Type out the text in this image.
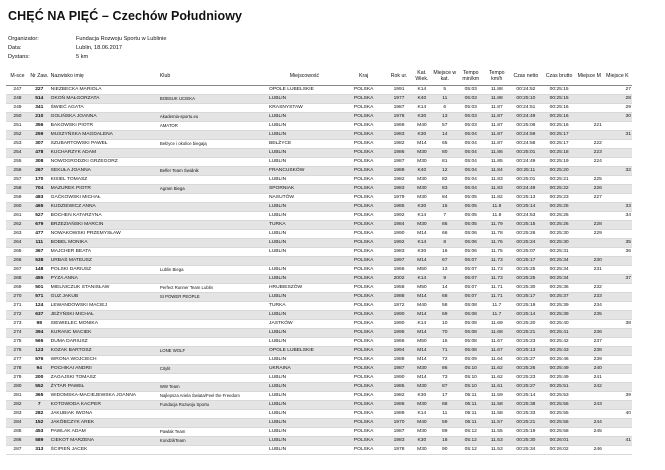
CHĘĆ NA PIĘĆ – Czechów Południowy
Organizator:	Fundacja Rozwoju Sportu w Lublinie
Data:	Lublin, 18.06.2017
Dystans:	5 km
M-sce	Nr Zaw.	Nazwisko imię	Klub	Miejscowość	Kraj	Rok ur.	Kat. Wiek.	Miejsce w kat.	Tempo min/km	Tempo km/h	Czas netto	Czas brutto	Miejsce M	Miejsce K
247	227	NIEZBECKA MARIOLA		OPOLE LUBELSKIE	POLSKA	1991	K14	5	05:03	11.88	00:24:52	00:25:15		27
248	514	OKOŃ MAŁGORZATA	BOBSUK UCIEKA	LUBLIN	POLSKA	1977	K40	11	05:03	11.88	00:25:10	00:25:15		28
249	341	ŚWIEĆ AGATA		KRASNYSTAW	POLSKA	1987	K14	6	05:03	11.87	00:24:51	00:25:16		29
250	210	GOLIŃSKA JOANNA	Akademia-sportu.eu	LUBLIN	POLSKA	1978	K30	13	05:03	11.87	00:24:49	00:25:16		30
251	356	BAKOWSKI PIOTR	AMATOR	LUBLIN	POLSKA	1969	M40	57	05:03	11.87	00:25:06	00:25:16	221	
252	259	MUSZYŃSKA MAGDALENA		LUBLIN	POLSKA	1983	K30	14	05:04	11.87	00:24:59	00:25:17		31
253	307	SZUBARTOWSKI PAWEŁ	Bełżyce i okolice biegają	BEŁŻYCE	POLSKA	1982	M14	65	05:04	11.87	00:24:58	00:25:17	222	
254	478	KUCHARZYK ADAM		LUBLIN	POLSKA	1986	M30	80	05:04	11.86	00:25:01	00:25:18	223	
255	308	NOWOGRODZKI GRZEGORZ		LUBLIN	POLSKA	1987	M30	81	05:04	11.85	00:24:49	00:25:19	224	
256	267	SEKUŁA JOANNA	Belfer Team Świdnik	FRANCUSKÓW	POLSKA	1989	K40	12	05:04	11.84	00:25:11	00:25:20		32
257	170	KISIEL TOMASZ		LUBLIN	POLSKA	1982	M30	82	05:04	11.83	00:25:01	00:25:21	225	
258	704	MAZUREK PIOTR	Agram Biega	SPORNIAK	POLSKA	1983	M30	83	05:04	11.83	00:24:49	00:25:22	226	
259	483	GAĆKOWSKI MICHAŁ		NASUTÓW	POLSKA	1979	M30	84	05:05	11.82	00:25:13	00:25:23	227	
260	465	KUDZIEWICZ ANNA		LUBLIN	POLSKA	1985	K30	15	05:05	11.8	00:25:14	00:25:25		33
261	527	BOCHEN KATARZYNA		LUBLIN	POLSKA	1992	K14	7	05:05	11.8	00:24:53	00:25:25		34
262	679	BRZEZIAŃSKI MARCIN		TURKA	POLSKA	1984	M30	85	05:05	11.79	00:25:15	00:25:26	228	
263	477	NOWAKOWSKI PRZEMYSŁAW		LUBLIN	POLSKA	1990	M14	66	05:06	11.78	00:25:26	00:25:30	229	
264	111	BOBEL MONIKA		LUBLIN	POLSKA	1992	K14	8	05:06	11.76	00:25:24	00:25:30		35
265	367	MAJCHER BEATA		LUBLIN	POLSKA	1983	K30	16	05:06	11.75	00:25:07	00:25:31		36
266	538	URBAŚ MATEUSZ			POLSKA	1997	M14	67	05:07	11.73	00:25:17	00:25:34	230	
267	148	POLSKI DARIUSZ	Lublin Biega	LUBLIN	POLSKA	1966	M50	13	05:07	11.73	00:25:25	00:25:34	231	
268	455	PYZA ANNA		LUBLIN	POLSKA	2002	K14	9	05:07	11.73	00:25:25	00:25:34		37
269	501	MIELNICZUK STANISŁAW	Perfect Runner Team Lublin	HRUBIESZÓW	POLSKA	1958	M50	14	05:07	11.71	00:25:30	00:25:36	232	
270	571	GUZ JAKUB	SI POWER PEOPLE	LUBLIN	POLSKA	1988	M14	68	05:07	11.71	00:25:17	00:25:37	233	
271	124	LEWANDOWSKI MACIEJ		TURKA	POLSKA	1972	M40	58	05:08	11.7	00:25:19	00:25:39	234	
272	637	JEŻYŃSKI MICHAŁ		LUBLIN	POLSKA	1990	M14	69	05:08	11.7	00:25:14	00:25:39	235	
273	98	SIEWIELEC MONIKA		JASTKÓW	POLSKA	1990	K14	10	05:08	11.69	00:25:20	00:25:40		38
274	394	KURANC MACIEK		LUBLIN	POLSKA	1995	M14	70	05:08	11.68	00:25:21	00:25:41	236	
275	565	DUMA DARIUSZ		LUBLIN	POLSKA	1966	M50	15	05:08	11.67	00:25:23	00:25:42	237	
276	123	KOZAK BARTOSZ	LONE WOLF	OPOLE LUBELSKIE	POLSKA	1994	M14	71	05:08	11.67	00:25:13	00:25:43	238	
277	576	WRONA WOJCIECH		LUBLIN	POLSKA	1988	M14	72	05:09	11.64	00:25:27	00:25:46	239	
278	94	POCHIKAI ANDRII	Citylit	UKRAINA	POLSKA	1987	M30	86	05:10	11.62	00:25:26	00:25:49	240	
279	200	ZAGAJSKI TOMASZ		LUBLIN	POLSKA	1990	M14	73	05:10	11.62	00:25:23	00:25:49	241	
280	552	ŻYTAR PAWEŁ	WW Team	LUBLIN	POLSKA	1985	M30	87	05:10	11.61	00:25:27	00:25:51	242	
281	365	WIDOMSKA-MACIEJEWSKA JOANNA	Najlepsza Ariela Świata/Feel the Freedom	LUBLIN	POLSKA	1982	K30	17	05:11	11.59	00:25:14	00:25:53		39
282	7	KOTOWODA KACPER	Fundacja Rozwoju Sportu	LUBLIN	POLSKA	1986	M30	88	05:11	11.58	00:25:38	00:25:55	243	
283	282	JAKUBIAK IWONA		LUBLIN	POLSKA	1989	K14	11	05:11	11.58	00:25:33	00:25:55		40
284	152	JAKÓBCZYK AREK		LUBLIN	POLSKA	1970	M40	59	05:11	11.57	00:25:21	00:25:56	244	
285	453	PAWLAK ADAM	Pawlak Team	LUBLIN	POLSKA	1987	M30	89	05:12	11.55	00:25:19	00:25:58	245	
286	589	CIEKOT MARZENA	KondzikTeam	LUBLIN	POLSKA	1983	K30	18	05:12	11.53	00:25:30	00:26:01		41
287	313	ŚCIPIEŃ JACEK		LUBLIN	POLSKA	1978	M30	90	05:12	11.53	00:25:34	00:26:02	246	
